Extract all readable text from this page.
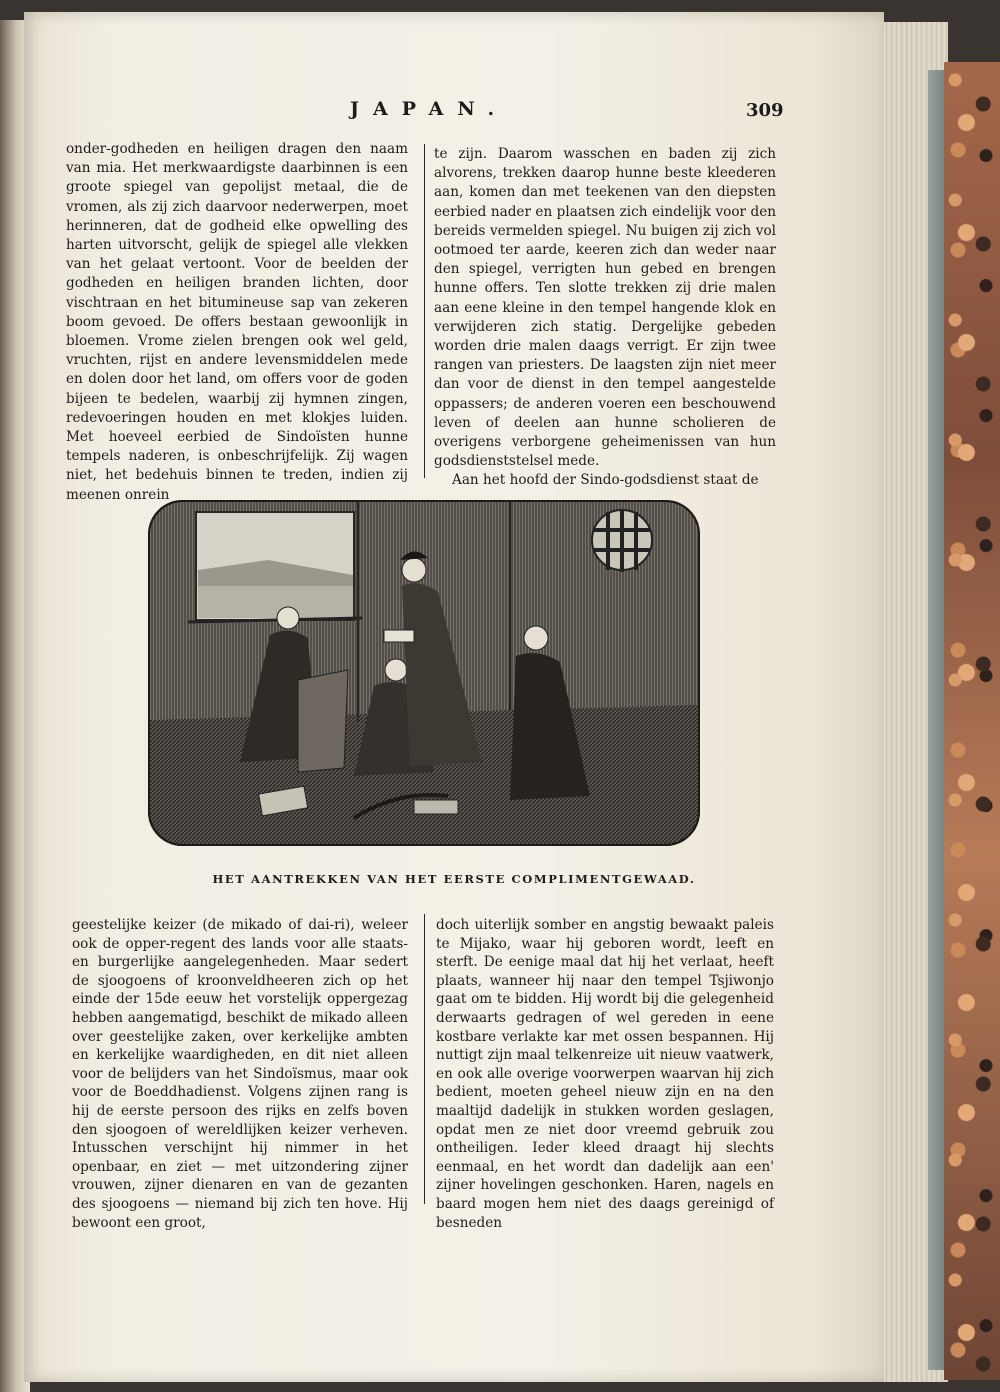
JAPAN.	309

onder-godheden en heiligen dragen den naam van mia. Het merkwaardigste daarbinnen is een groote spiegel van gepolijst metaal, die de vromen, als zij zich daarvoor nederwerpen, moet herinneren, dat de godheid elke opwelling des harten uitvorscht, gelijk de spiegel alle vlekken van het gelaat vertoont. Voor de beelden der godheden en heiligen branden lichten, door vischtraan en het bitumineuse sap van zekeren boom gevoed. De offers bestaan gewoonlijk in bloemen. Vrome zielen brengen ook wel geld, vruchten, rijst en andere levensmiddelen mede en dolen door het land, om offers voor de goden bijeen te bedelen, waarbij zij hymnen zingen, redevoeringen houden en met klokjes luiden. Met hoeveel eerbied de Sindoïsten hunne tempels naderen, is onbeschrijfelijk. Zij wagen niet, het bedehuis binnen te treden, indien zij meenen onrein

te zijn. Daarom wasschen en baden zij zich alvorens, trekken daarop hunne beste kleederen aan, komen dan met teekenen van den diepsten eerbied nader en plaatsen zich eindelijk voor den bereids vermelden spiegel. Nu buigen zij zich vol ootmoed ter aarde, keeren zich dan weder naar den spiegel, verrigten hun gebed en brengen hunne offers. Ten slotte trekken zij drie malen aan eene kleine in den tempel hangende klok en verwijderen zich statig. Dergelijke gebeden worden drie malen daags verrigt. Er zijn twee rangen van priesters. De laagsten zijn niet meer dan voor de dienst in den tempel aangestelde oppassers; de anderen voeren een beschouwend leven of deelen aan hunne scholieren de overigens verborgene geheimenissen van hun godsdienststelsel mede.

Aan het hoofd der Sindo-godsdienst staat de

HET AANTREKKEN VAN HET EERSTE COMPLIMENTGEWAAD.

geestelijke keizer (de mikado of dai-ri), weleer ook de opper-regent des lands voor alle staats- en burgerlijke aangelegenheden. Maar sedert de sjoogoens of kroonveldheeren zich op het einde der 15de eeuw het vorstelijk oppergezag hebben aangematigd, beschikt de mikado alleen over geestelijke zaken, over kerkelijke ambten en kerkelijke waardigheden, en dit niet alleen voor de belijders van het Sindoïsmus, maar ook voor de Boeddhadienst. Volgens zijnen rang is hij de eerste persoon des rijks en zelfs boven den sjoogoen of wereldlijken keizer verheven. Intusschen verschijnt hij nimmer in het openbaar, en ziet — met uitzondering zijner vrouwen, zijner dienaren en van de gezanten des sjoogoens — niemand bij zich ten hove. Hij bewoont een groot,

doch uiterlijk somber en angstig bewaakt paleis te Mijako, waar hij geboren wordt, leeft en sterft. De eenige maal dat hij het verlaat, heeft plaats, wanneer hij naar den tempel Tsjiwonjo gaat om te bidden. Hij wordt bij die gelegenheid derwaarts gedragen of wel gereden in eene kostbare verlakte kar met ossen bespannen. Hij nuttigt zijn maal telkenreize uit nieuw vaatwerk, en ook alle overige voorwerpen waarvan hij zich bedient, moeten geheel nieuw zijn en na den maaltijd dadelijk in stukken worden geslagen, opdat men ze niet door vreemd gebruik zou ontheiligen. Ieder kleed draagt hij slechts eenmaal, en het wordt dan dadelijk aan een' zijner hovelingen geschonken. Haren, nagels en baard mogen hem niet des daags gereinigd of besneden
